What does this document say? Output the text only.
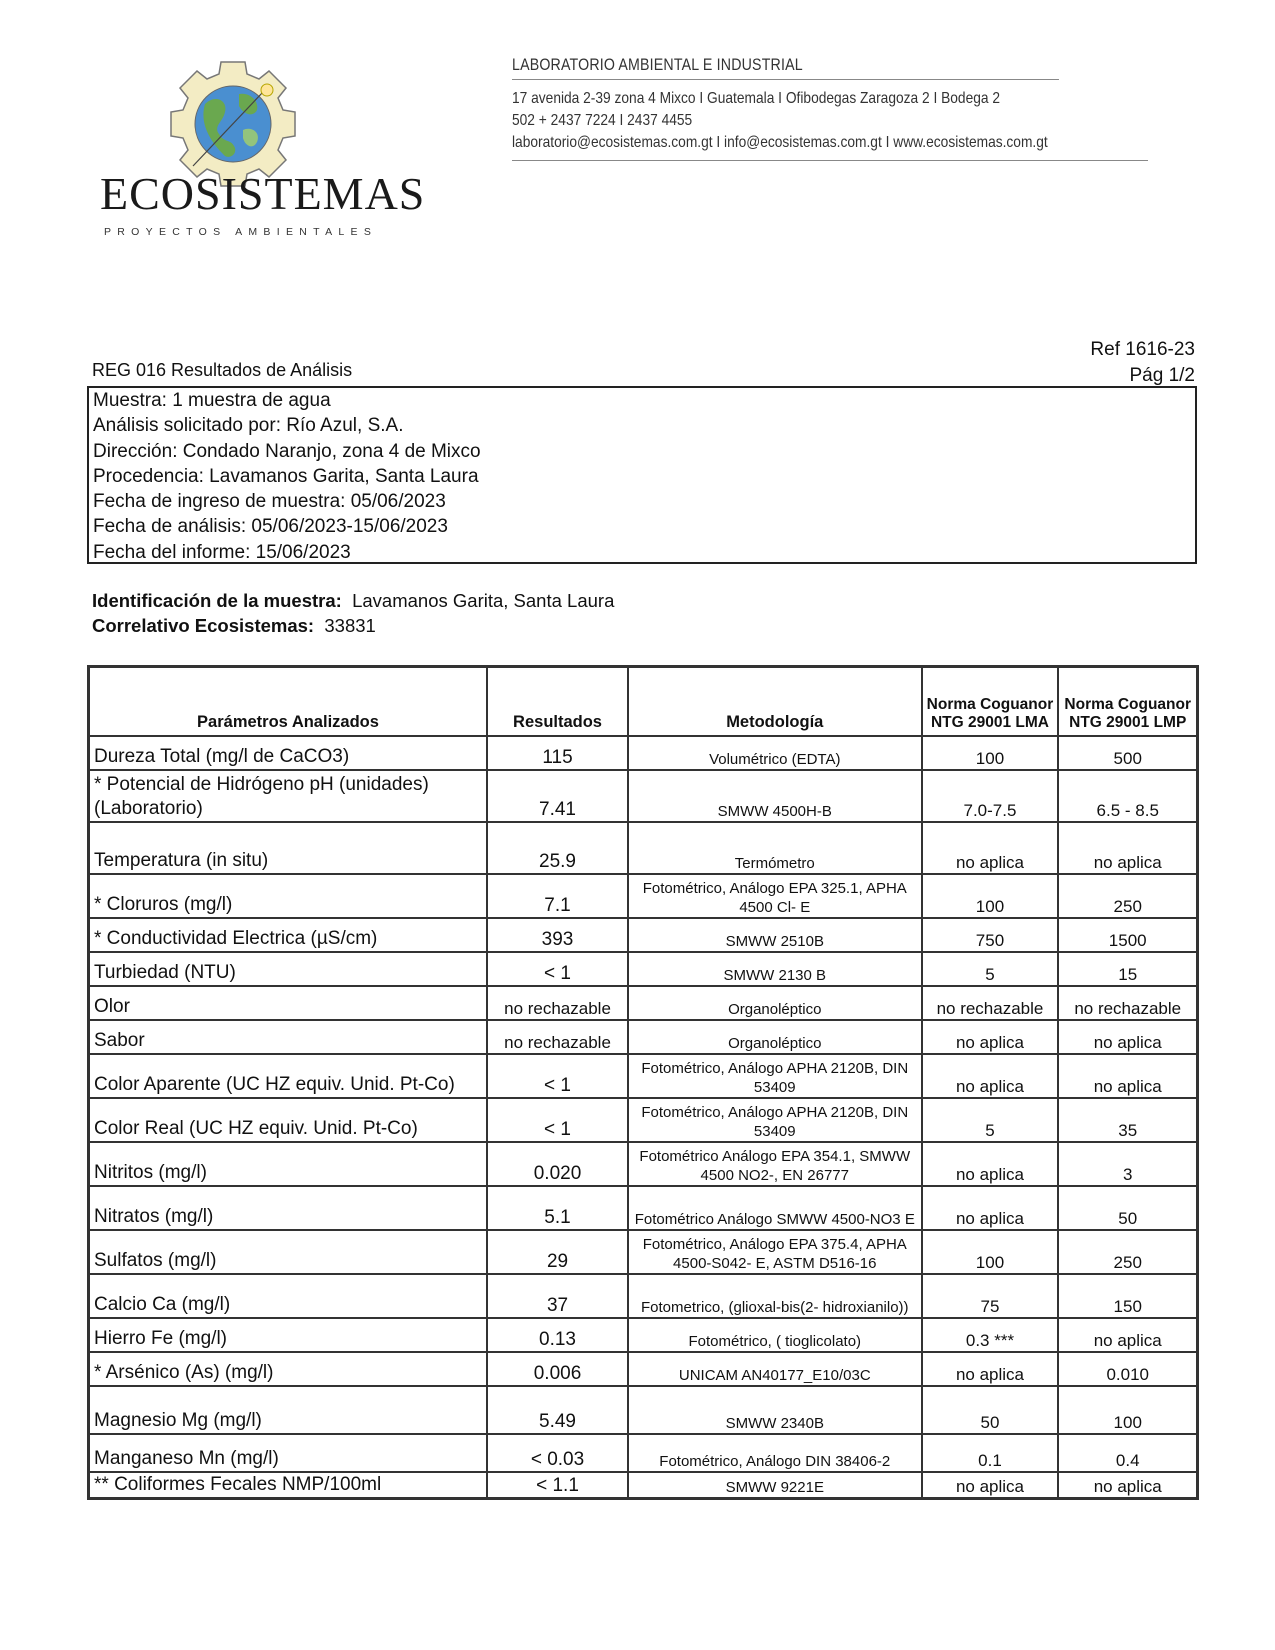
ECOSISTEMAS
PROYECTOS AMBIENTALES
LABORATORIO AMBIENTAL E INDUSTRIAL
17 avenida 2-39 zona 4 Mixco I Guatemala I Ofibodegas Zaragoza 2 I Bodega 2
502 + 2437 7224 I 2437 4455
laboratorio@ecosistemas.com.gt I info@ecosistemas.com.gt I www.ecosistemas.com.gt
Ref 1616-23
Pág 1/2
REG 016 Resultados de Análisis
Muestra: 1 muestra de agua
Análisis solicitado por: Río Azul, S.A.
Dirección: Condado Naranjo, zona 4 de Mixco
Procedencia: Lavamanos Garita, Santa Laura
Fecha de ingreso de muestra: 05/06/2023
Fecha de análisis: 05/06/2023-15/06/2023
Fecha del informe: 15/06/2023
Identificación de la muestra: Lavamanos Garita, Santa Laura
Correlativo Ecosistemas: 33831
Parámetros Analizados	Resultados	Metodología	Norma Coguanor NTG 29001 LMA	Norma Coguanor NTG 29001 LMP
Dureza Total (mg/l de CaCO3)	115	Volumétrico (EDTA)	100	500
* Potencial de Hidrógeno pH (unidades) (Laboratorio)	7.41	SMWW 4500H-B	7.0-7.5	6.5 - 8.5
Temperatura (in situ)	25.9	Termómetro	no aplica	no aplica
* Cloruros (mg/l)	7.1	Fotométrico, Análogo EPA 325.1, APHA 4500 Cl- E	100	250
* Conductividad Electrica (µS/cm)	393	SMWW 2510B	750	1500
Turbiedad (NTU)	< 1	SMWW 2130 B	5	15
Olor	no rechazable	Organoléptico	no rechazable	no rechazable
Sabor	no rechazable	Organoléptico	no aplica	no aplica
Color Aparente (UC HZ equiv. Unid. Pt-Co)	< 1	Fotométrico, Análogo APHA 2120B, DIN 53409	no aplica	no aplica
Color Real (UC HZ equiv. Unid. Pt-Co)	< 1	Fotométrico, Análogo APHA 2120B, DIN 53409	5	35
Nitritos (mg/l)	0.020	Fotométrico Análogo EPA 354.1, SMWW 4500 NO2-, EN 26777	no aplica	3
Nitratos (mg/l)	5.1	Fotométrico Análogo SMWW 4500-NO3 E	no aplica	50
Sulfatos (mg/l)	29	Fotométrico, Análogo EPA 375.4, APHA 4500-S042- E, ASTM D516-16	100	250
Calcio Ca (mg/l)	37	Fotometrico, (glioxal-bis(2- hidroxianilo))	75	150
Hierro Fe (mg/l)	0.13	Fotométrico, ( tioglicolato)	0.3 ***	no aplica
* Arsénico (As) (mg/l)	0.006	UNICAM AN40177_E10/03C	no aplica	0.010
Magnesio Mg (mg/l)	5.49	SMWW 2340B	50	100
Manganeso Mn (mg/l)	< 0.03	Fotométrico, Análogo DIN 38406-2	0.1	0.4
** Coliformes Fecales NMP/100ml	< 1.1	SMWW 9221E	no aplica	no aplica
